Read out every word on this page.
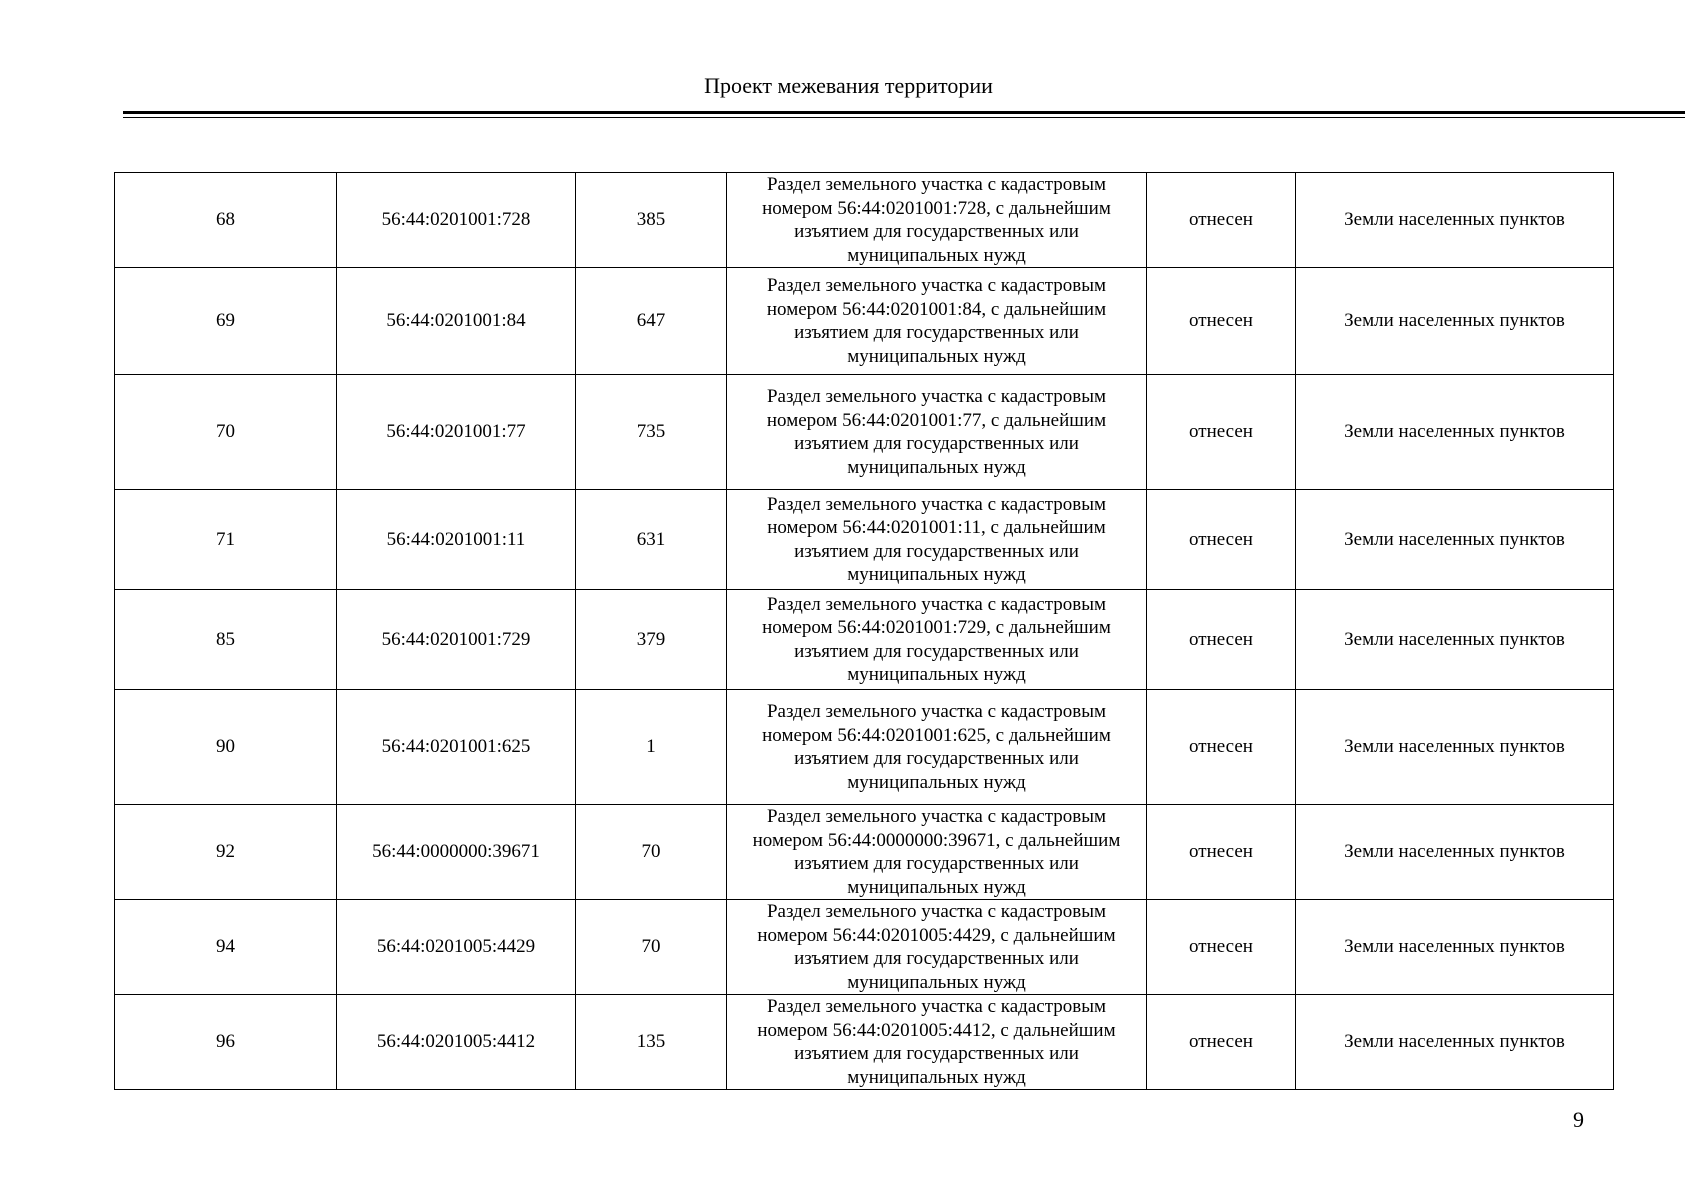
Проект межевания территории
68	56:44:0201001:728	385	Раздел земельного участка с кадастровым
номером 56:44:0201001:728, с дальнейшим
изъятием для государственных или
муниципальных нужд	отнесен	Земли населенных пунктов
69	56:44:0201001:84	647	Раздел земельного участка с кадастровым
номером 56:44:0201001:84, с дальнейшим
изъятием для государственных или
муниципальных нужд	отнесен	Земли населенных пунктов
70	56:44:0201001:77	735	Раздел земельного участка с кадастровым
номером 56:44:0201001:77, с дальнейшим
изъятием для государственных или
муниципальных нужд	отнесен	Земли населенных пунктов
71	56:44:0201001:11	631	Раздел земельного участка с кадастровым
номером 56:44:0201001:11, с дальнейшим
изъятием для государственных или
муниципальных нужд	отнесен	Земли населенных пунктов
85	56:44:0201001:729	379	Раздел земельного участка с кадастровым
номером 56:44:0201001:729, с дальнейшим
изъятием для государственных или
муниципальных нужд	отнесен	Земли населенных пунктов
90	56:44:0201001:625	1	Раздел земельного участка с кадастровым
номером 56:44:0201001:625, с дальнейшим
изъятием для государственных или
муниципальных нужд	отнесен	Земли населенных пунктов
92	56:44:0000000:39671	70	Раздел земельного участка с кадастровым
номером 56:44:0000000:39671, с дальнейшим
изъятием для государственных или
муниципальных нужд	отнесен	Земли населенных пунктов
94	56:44:0201005:4429	70	Раздел земельного участка с кадастровым
номером 56:44:0201005:4429, с дальнейшим
изъятием для государственных или
муниципальных нужд	отнесен	Земли населенных пунктов
96	56:44:0201005:4412	135	Раздел земельного участка с кадастровым
номером 56:44:0201005:4412, с дальнейшим
изъятием для государственных или
муниципальных нужд	отнесен	Земли населенных пунктов
9
